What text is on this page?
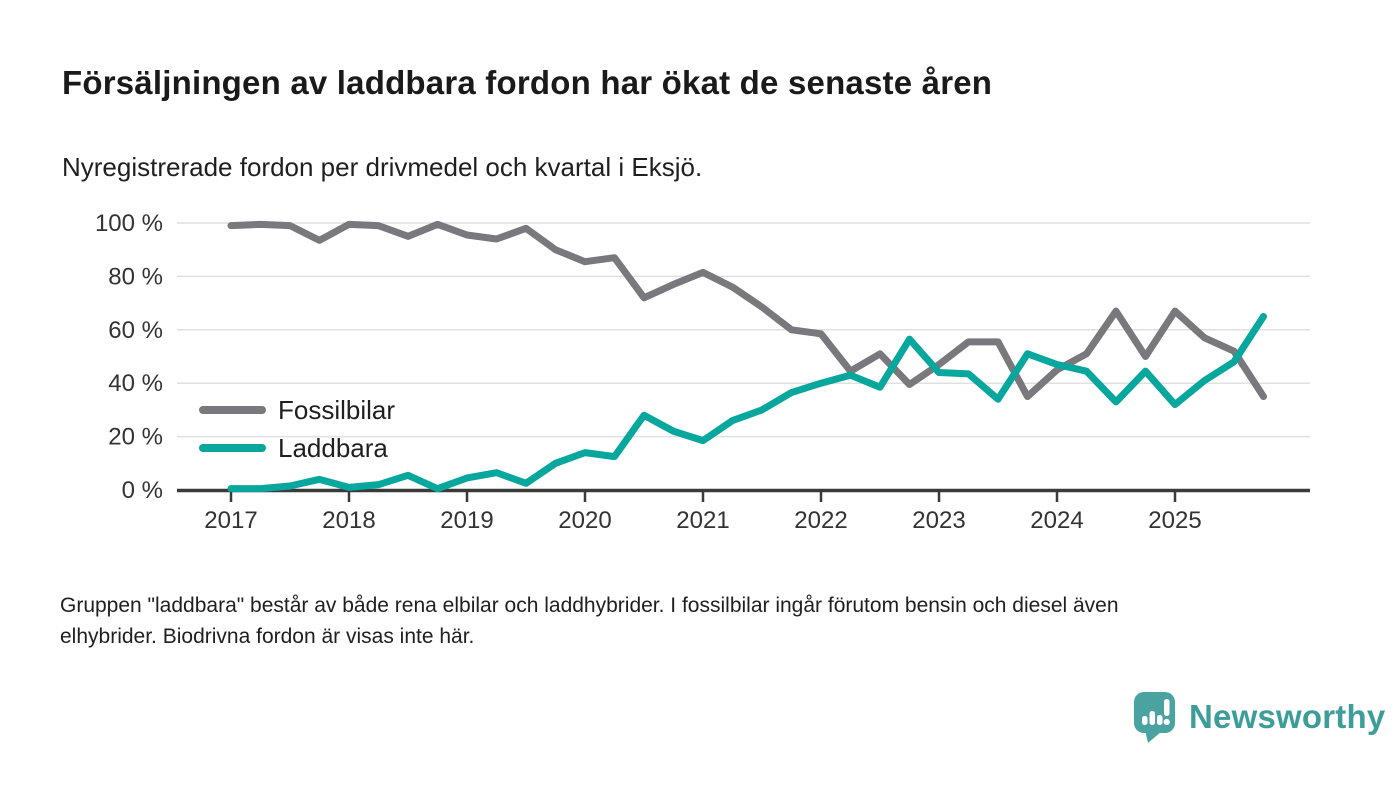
Försäljningen av laddbara fordon har ökat de senaste åren
Nyregistrerade fordon per drivmedel och kvartal i Eksjö.
0 %
20 %
40 %
60 %
80 %
100 %
2017	2018	2019	2020	2021	2022	2023	2024	2025
Fossilbilar
Laddbara
Gruppen "laddbara" består av både rena elbilar och laddhybrider. I fossilbilar ingår förutom bensin och diesel även
elhybrider. Biodrivna fordon är visas inte här.
Newsworthy
